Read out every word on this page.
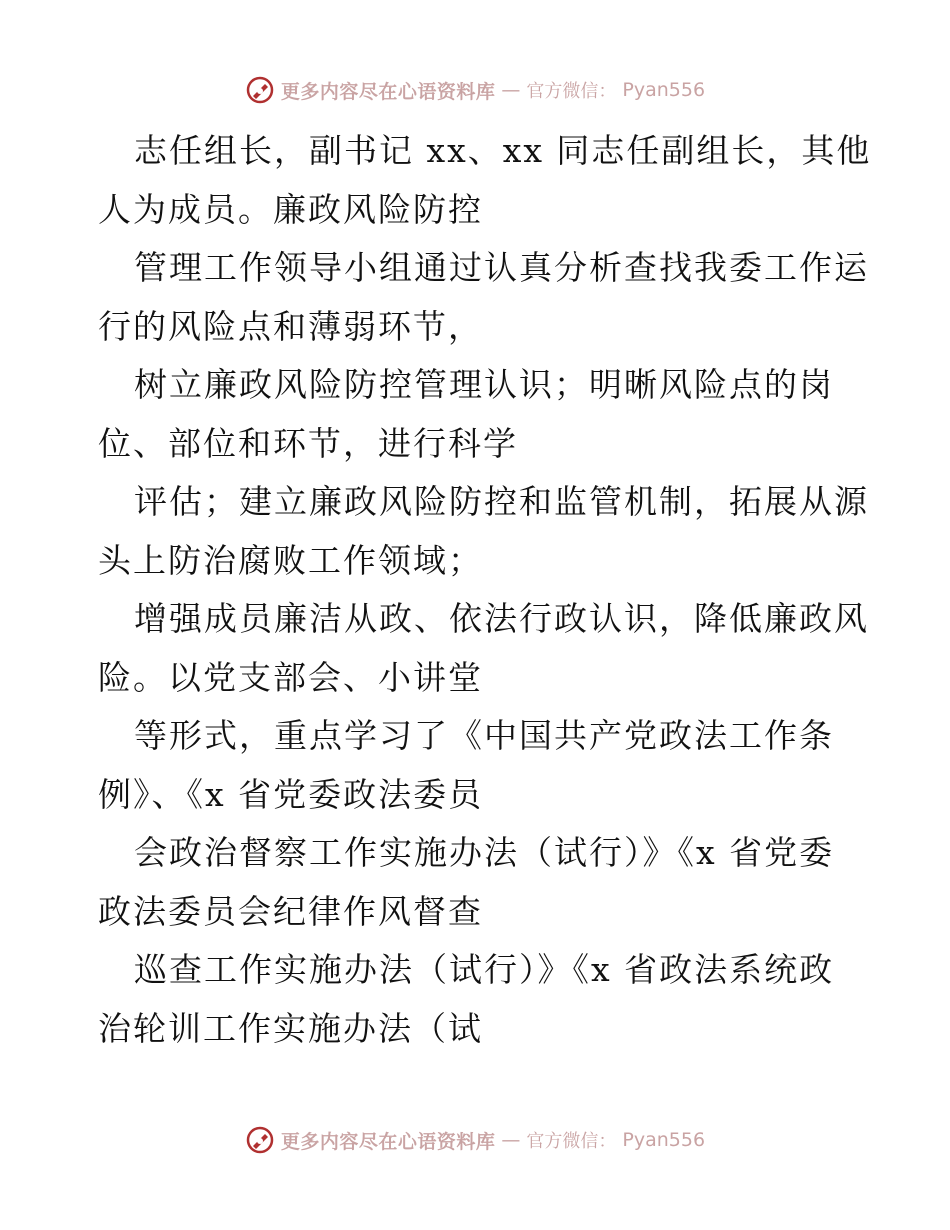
更多内容尽在心语资料库 — 官方微信： Pyan556
志任组长，副书记 xx、xx 同志任副组长，其他
人为成员。廉政风险防控
管理工作领导小组通过认真分析查找我委工作运
行的风险点和薄弱环节，
树立廉政风险防控管理认识；明晰风险点的岗
位、部位和环节，进行科学
评估；建立廉政风险防控和监管机制，拓展从源
头上防治腐败工作领域；
增强成员廉洁从政、依法行政认识，降低廉政风
险。以党支部会、小讲堂
等形式，重点学习了《中国共产党政法工作条
例》、《x 省党委政法委员
会政治督察工作实施办法（试行）》《x 省党委
政法委员会纪律作风督查
巡查工作实施办法（试行）》《x 省政法系统政
治轮训工作实施办法（试
更多内容尽在心语资料库 — 官方微信： Pyan556
